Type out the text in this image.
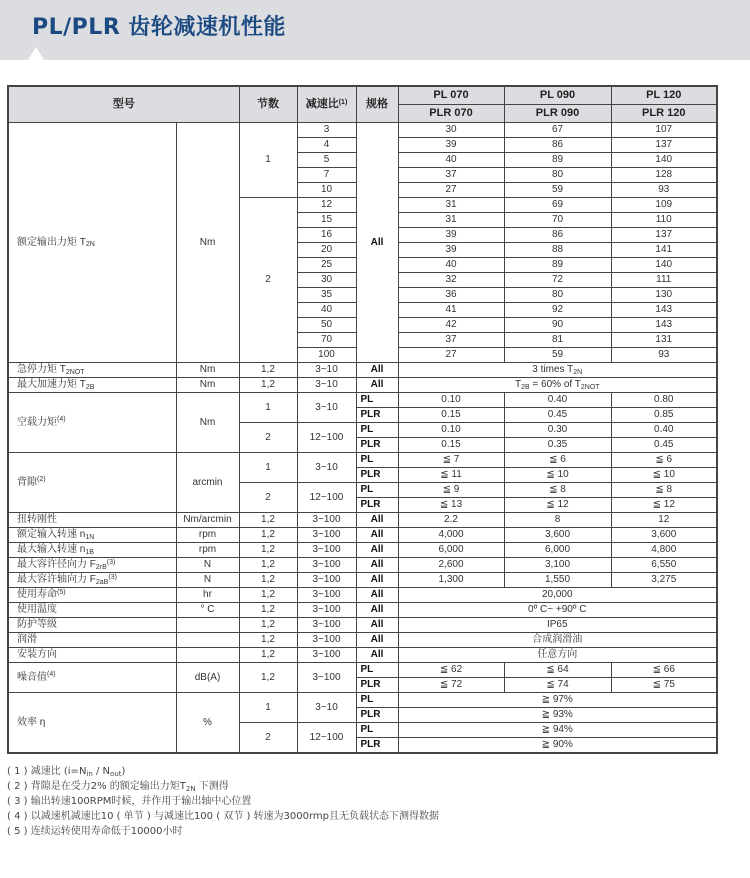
PL/PLR 齿轮减速机性能
型号		节数	减速比$^{(1)}$	规格	PL 070	PL 090	PL 120
					PLR 070	PLR 090	PLR 120
额定输出力矩 $T_{2N}$	Nm	1	3	All	30	67	107
			4		39	86	137
			5		40	89	140
			7		37	80	128
			10		27	59	93
		2	12		31	69	109
			15		31	70	110
			16		39	86	137
			20		39	88	141
			25		40	89	140
			30		32	72	111
			35		36	80	130
			40		41	92	143
			50		42	90	143
			70		37	81	131
			100		27	59	93
急停力矩 $T_{2NOT}$	Nm	1,2	3~10	All	3 times $T_{2N}$
最大加速力矩 $T_{2B}$	Nm	1,2	3~10	All	$T_{2B} = 60\%$ of $T_{2NOT}$
空载力矩$^{(4)}$	Nm	1	3~10	PL	0.10	0.40	0.80
				PLR	0.15	0.45	0.85
		2	12~100	PL	0.10	0.30	0.40
				PLR	0.15	0.35	0.45
背隙$^{(2)}$	arcmin	1	3~10	PL	≦ 7	≦ 6	≦ 6
				PLR	≦ 11	≦ 10	≦ 10
		2	12~100	PL	≦ 9	≦ 8	≦ 8
				PLR	≦ 13	≦ 12	≦ 12
扭转刚性	Nm/arcmin	1,2	3~100	All	2.2	8	12
额定输入转速 $n_{1N}$	rpm	1,2	3~100	All	4,000	3,600	3,600
最大输入转速 $n_{1B}$	rpm	1,2	3~100	All	6,000	6,000	4,800
最大容许径向力 $F_{2rB}^{(3)}$	N	1,2	3~100	All	2,600	3,100	6,550
最大容许轴向力 $F_{2aB}^{(3)}$	N	1,2	3~100	All	1,300	1,550	3,275
使用寿命$^{(5)}$	hr	1,2	3~100	All	20,000		
使用温度	° C	1,2	3~100	All	0º C~ +90º C		
防护等级		1,2	3~100	All	IP65		
润滑		1,2	3~100	All	合成润滑油		
安装方向		1,2	3~100	All	任意方向		
噪音值$^{(4)}$	dB(A)	1,2	3~100	PL	≦ 62	≦ 64	≦ 66
				PLR	≦ 72	≦ 74	≦ 75
效率 η	%	1	3~10	PL	≧ 97%		
				PLR	≧ 93%		
		2	12~100	PL	≧ 94%		
				PLR	≧ 90%		
( 1 ) 减速比 $(i=N_{in} / N_{out})$
( 2 ) 背隙是在受力2% 的额定输出力矩$T_{2N}$ 下测得
( 3 ) 输出转速100RPM时候，并作用于输出轴中心位置
( 4 ) 以减速机减速比10 ( 单节 ) 与减速比100 ( 双节 ) 转速为3000rmp且无负载状态下测得数据
( 5 ) 连续运转使用寿命低于10000小时
